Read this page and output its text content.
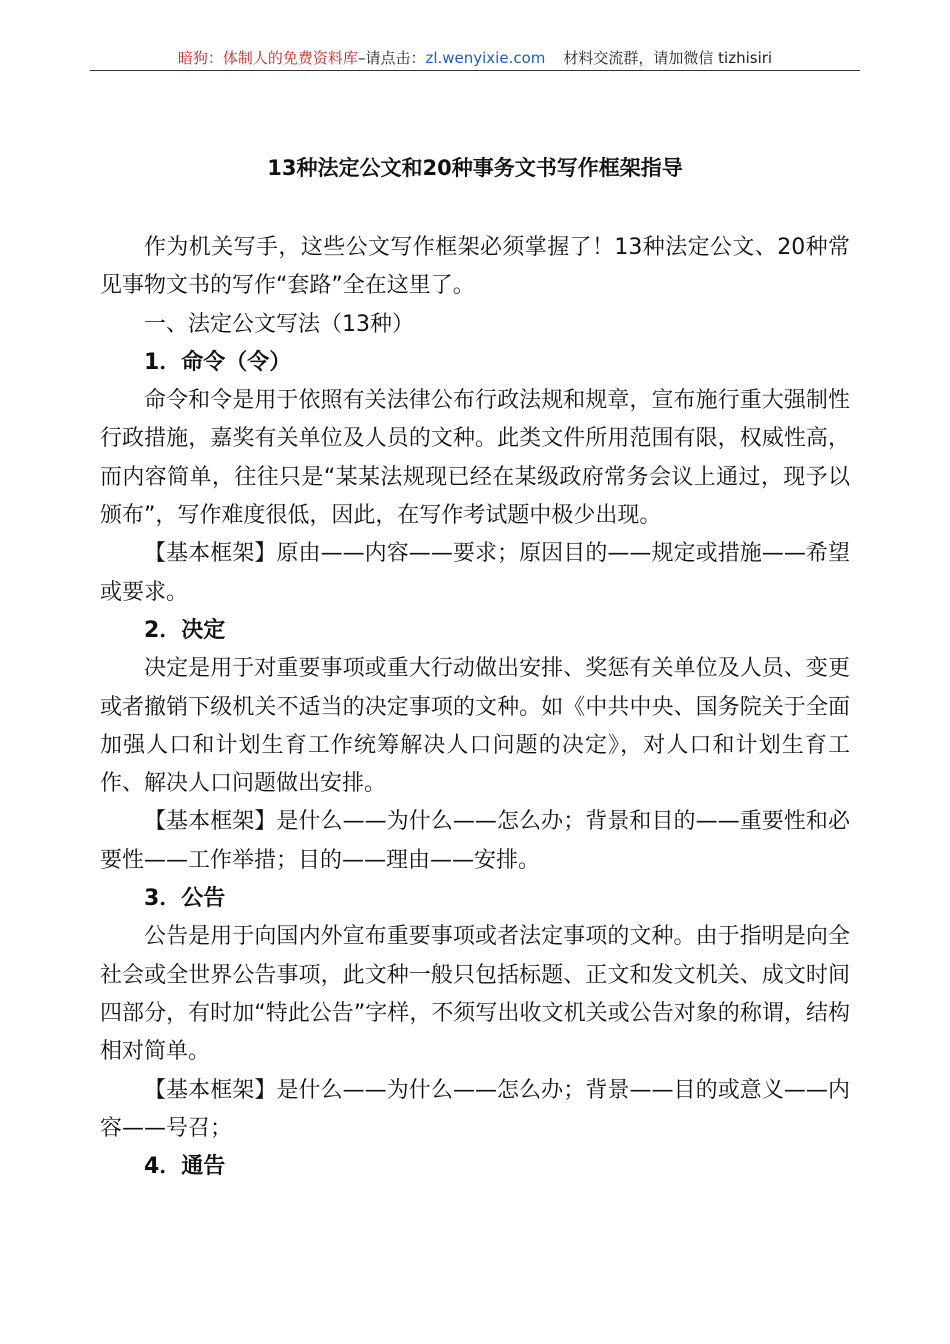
暗狗：体制人的免费资料库–请点击：zl.wenyixie.com 材料交流群，请加微信 tizhisiri
13种法定公文和20种事务文书写作框架指导

作为机关写手，这些公文写作框架必须掌握了！13种法定公文、20种常见事物文书的写作“套路”全在这里了。

一、法定公文写法（13种）

1．命令（令）

命令和令是用于依照有关法律公布行政法规和规章，宣布施行重大强制性行政措施，嘉奖有关单位及人员的文种。此类文件所用范围有限，权威性高，而内容简单，往往只是“某某法规现已经在某级政府常务会议上通过，现予以颁布”，写作难度很低，因此，在写作考试题中极少出现。

【基本框架】原由——内容——要求；原因目的——规定或措施——希望或要求。

2．决定

决定是用于对重要事项或重大行动做出安排、奖惩有关单位及人员、变更或者撤销下级机关不适当的决定事项的文种。如《中共中央、国务院关于全面加强人口和计划生育工作统筹解决人口问题的决定》，对人口和计划生育工作、解决人口问题做出安排。

【基本框架】是什么——为什么——怎么办；背景和目的——重要性和必要性——工作举措；目的——理由——安排。

3．公告

公告是用于向国内外宣布重要事项或者法定事项的文种。由于指明是向全社会或全世界公告事项，此文种一般只包括标题、正文和发文机关、成文时间四部分，有时加“特此公告”字样，不须写出收文机关或公告对象的称谓，结构相对简单。

【基本框架】是什么——为什么——怎么办；背景——目的或意义——内容——号召；

4．通告
